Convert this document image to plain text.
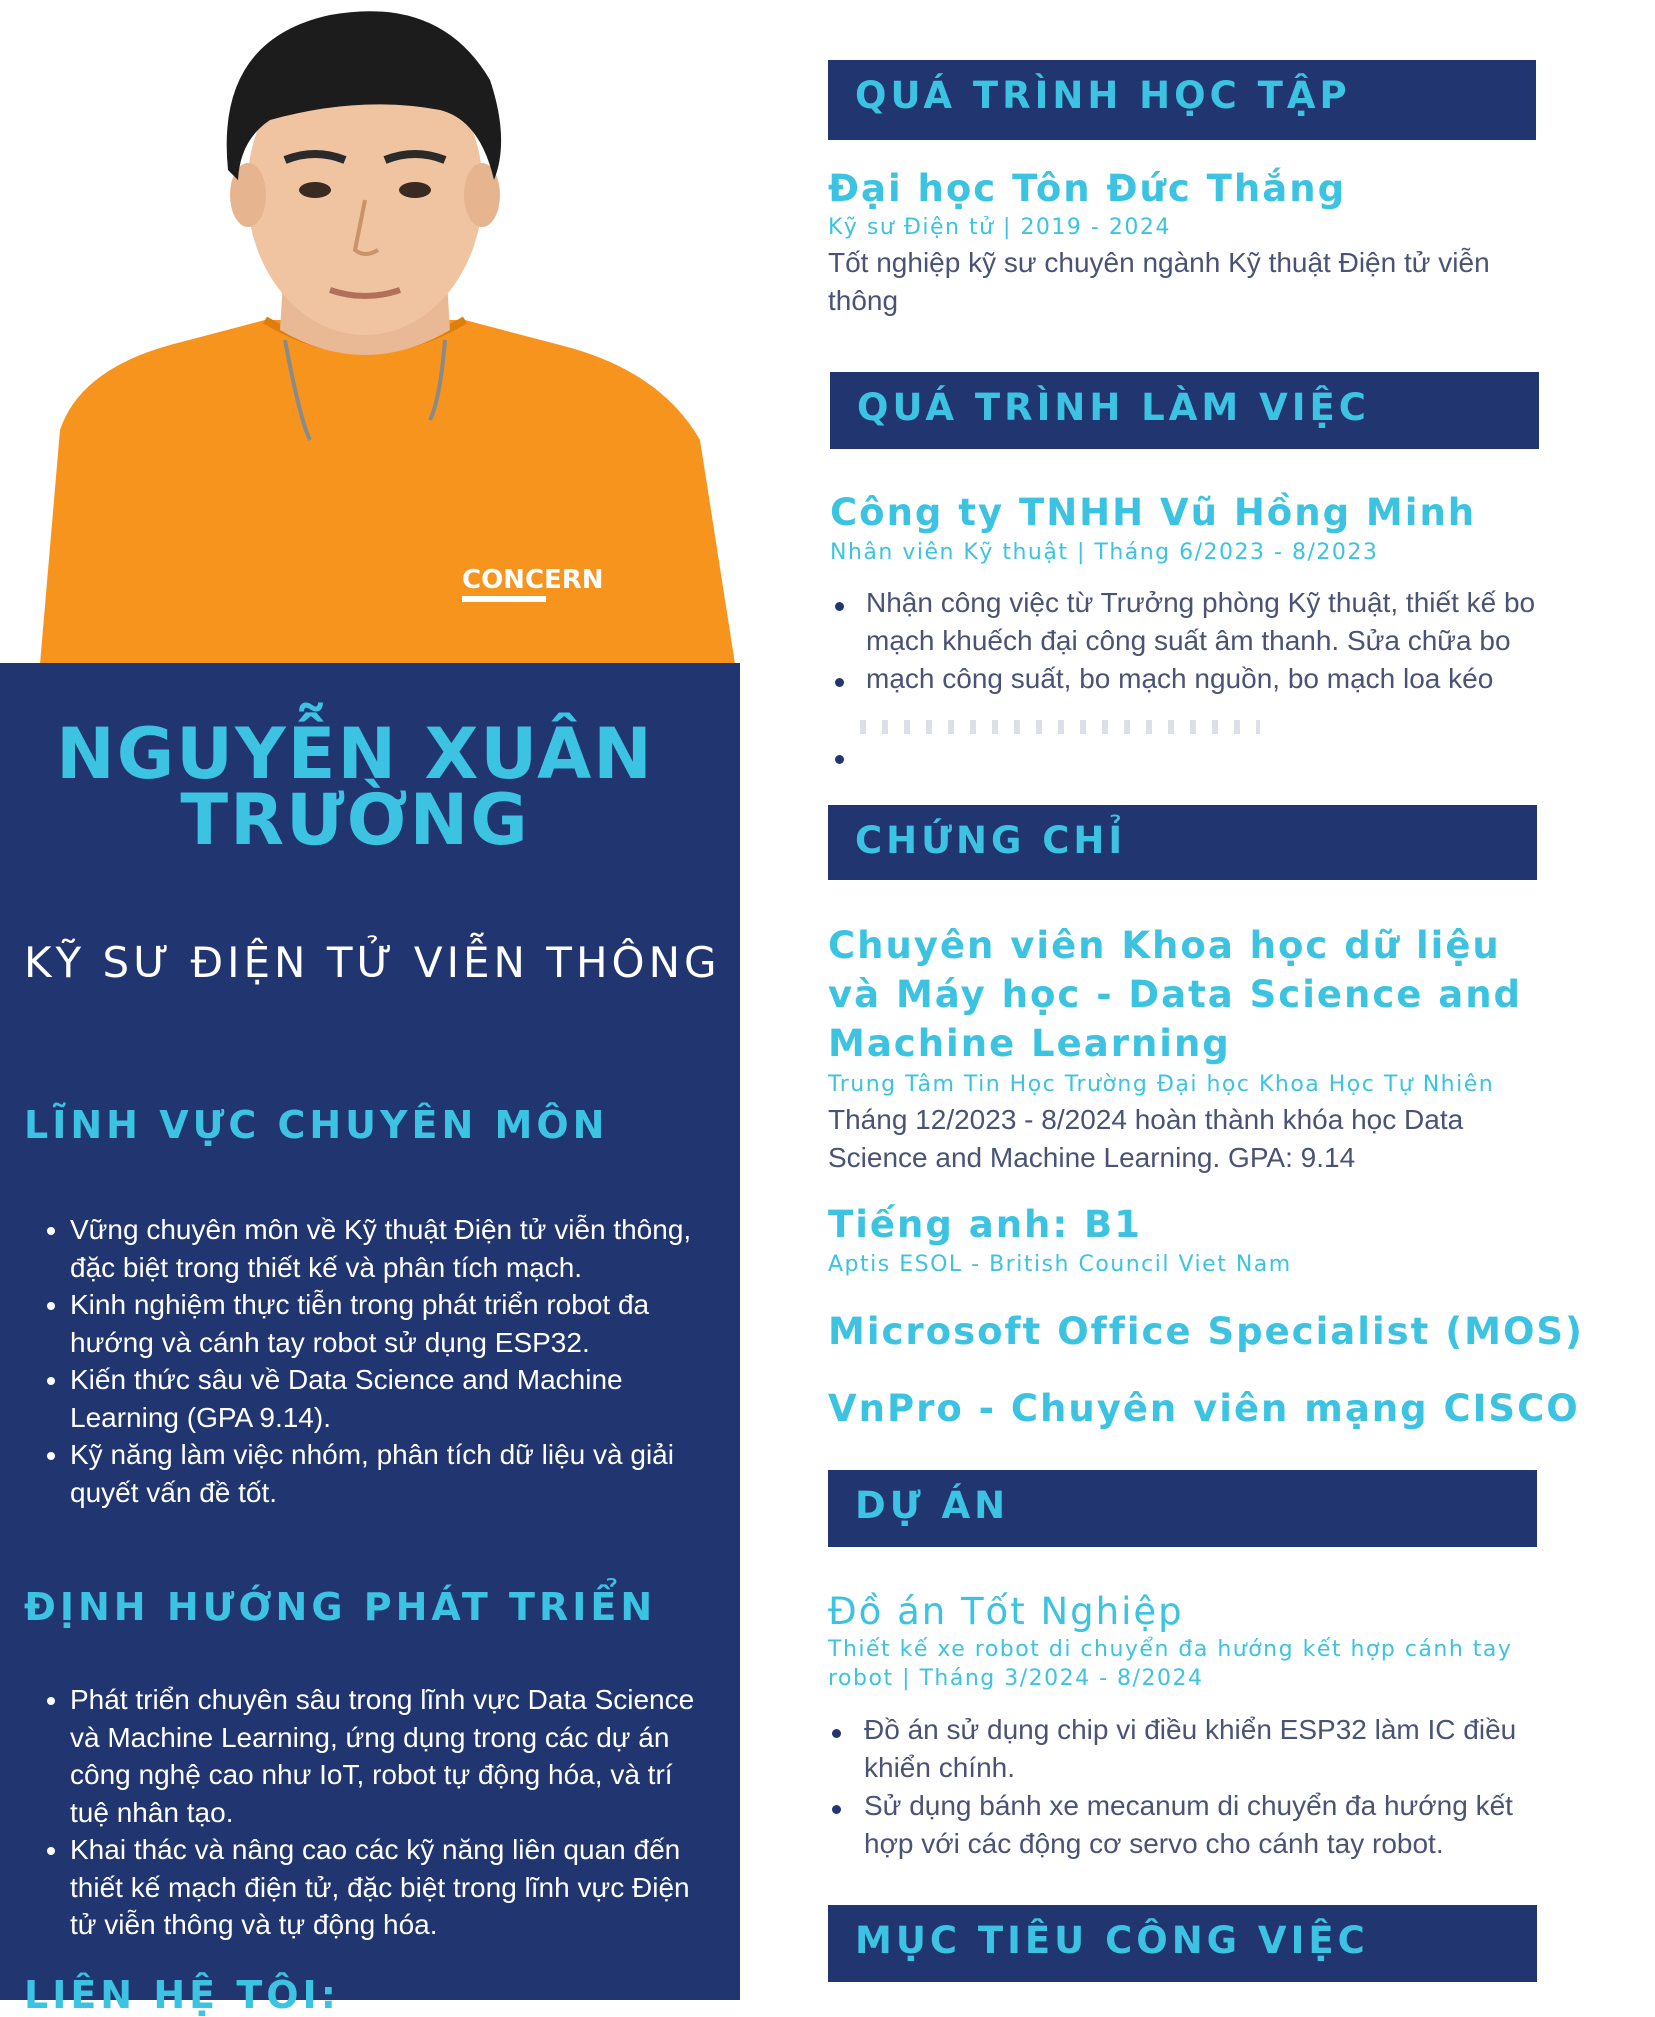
CONCERN
NGUYỄN XUÂN
TRƯỜNG

KỸ SƯ ĐIỆN TỬ VIỄN THÔNG

LĨNH VỰC CHUYÊN MÔN
• Vững chuyên môn về Kỹ thuật Điện tử viễn thông, đặc biệt trong thiết kế và phân tích mạch.
• Kinh nghiệm thực tiễn trong phát triển robot đa hướng và cánh tay robot sử dụng ESP32.
• Kiến thức sâu về Data Science and Machine Learning (GPA 9.14).
• Kỹ năng làm việc nhóm, phân tích dữ liệu và giải quyết vấn đề tốt.
ĐỊNH HƯỚNG PHÁT TRIỂN
• Phát triển chuyên sâu trong lĩnh vực Data Science và Machine Learning, ứng dụng trong các dự án công nghệ cao như IoT, robot tự động hóa, và trí tuệ nhân tạo.
• Khai thác và nâng cao các kỹ năng liên quan đến thiết kế mạch điện tử, đặc biệt trong lĩnh vực Điện tử viễn thông và tự động hóa.
LIÊN HỆ TÔI:
QUÁ TRÌNH HỌC TẬP

Đại học Tôn Đức Thắng

Kỹ sư Điện tử | 2019 - 2024

Tốt nghiệp kỹ sư chuyên ngành Kỹ thuật Điện tử viễn thông

QUÁ TRÌNH LÀM VIỆC

Công ty TNHH Vũ Hồng Minh

Nhân viên Kỹ thuật | Tháng 6/2023 - 8/2023

Nhận công việc từ Trưởng phòng Kỹ thuật, thiết kế bo mạch khuếch đại công suất âm thanh. Sửa chữa bo

mạch công suất, bo mạch nguồn, bo mạch loa kéo

CHỨNG CHỈ

Chuyên viên Khoa học dữ liệu và Máy học - Data Science and Machine Learning

Trung Tâm Tin Học Trường Đại học Khoa Học Tự Nhiên

Tháng 12/2023 - 8/2024 hoàn thành khóa học Data Science and Machine Learning. GPA: 9.14

Tiếng anh: B1

Aptis ESOL - British Council Viet Nam

Microsoft Office Specialist (MOS)

VnPro - Chuyên viên mạng CISCO

DỰ ÁN

Đồ án Tốt Nghiệp

Thiết kế xe robot di chuyển đa hướng kết hợp cánh tay robot | Tháng 3/2024 - 8/2024

Đồ án sử dụng chip vi điều khiển ESP32 làm IC điều khiển chính.

Sử dụng bánh xe mecanum di chuyển đa hướng kết hợp với các động cơ servo cho cánh tay robot.

MỤC TIÊU CÔNG VIỆC
